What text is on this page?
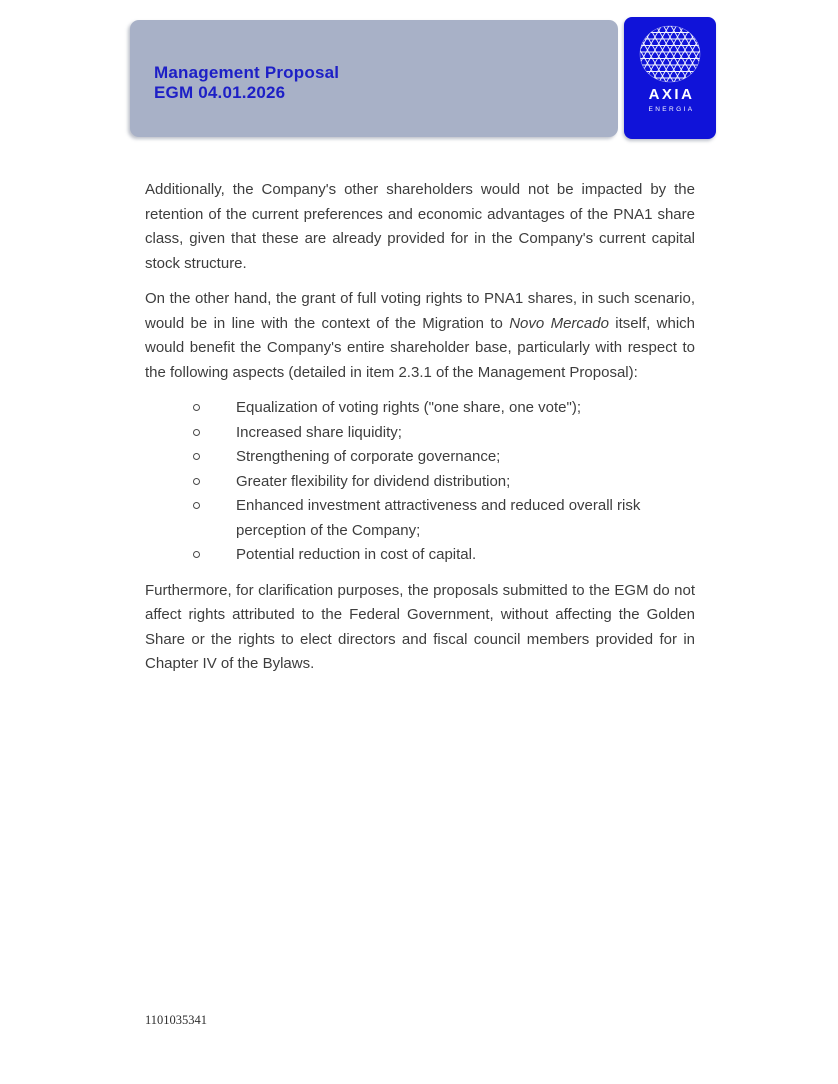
Management Proposal
EGM 04.01.2026	AXIA
ENERGIA

Additionally, the Company's other shareholders would not be impacted by the retention of the current preferences and economic advantages of the PNA1 share class, given that these are already provided for in the Company's current capital stock structure.

On the other hand, the grant of full voting rights to PNA1 shares, in such scenario, would be in line with the context of the Migration to Novo Mercado itself, which would benefit the Company's entire shareholder base, particularly with respect to the following aspects (detailed in item 2.3.1 of the Management Proposal):

Equalization of voting rights ("one share, one vote");
Increased share liquidity;
Strengthening of corporate governance;
Greater flexibility for dividend distribution;
Enhanced investment attractiveness and reduced overall risk perception of the Company;
Potential reduction in cost of capital.

Furthermore, for clarification purposes, the proposals submitted to the EGM do not affect rights attributed to the Federal Government, without affecting the Golden Share or the rights to elect directors and fiscal council members provided for in Chapter IV of the Bylaws.

1101035341
